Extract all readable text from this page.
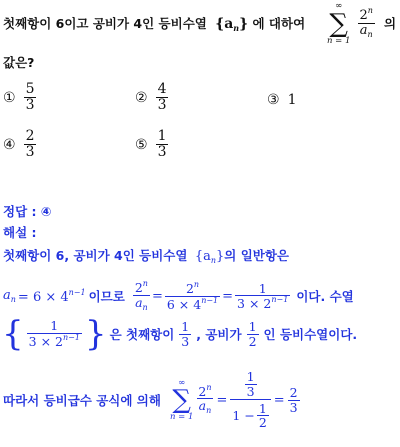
첫째항이 6이고 공비가 4인 등비수열 $\{a_n\}$ 에 대하여
∞
∑
n = 1

$\frac{2^n}{a_n}$ 의
값은?
① $\frac{5}{3}$	② $\frac{4}{3}$	③ 1
④ $\frac{2}{3}$	⑤ $\frac{1}{3}$
정답 : ④
해설 :
첫째항이 6, 공비가 4인 등비수열 $\{a_n\}$의 일반항은
$a_n = 6 \times 4^{n-1}$ 이므로 $\frac{2^n}{a_n} = \frac{2^n}{6 \times 4^{n-1}} = \frac{1}{3 \times 2^{n-1}}$ 이다. 수열
{ $\frac{1}{3 \times 2^{n-1}}$ } 은 첫째항이 $\frac{1}{3}$ , 공비가 $\frac{1}{2}$ 인 등비수열이다.
따라서 등비급수 공식에 의해
∞
∑
n = 1
$\frac{2^n}{a_n} = \frac{\frac{1}{3}}{1 - \frac{1}{2}} = \frac{2}{3}$
